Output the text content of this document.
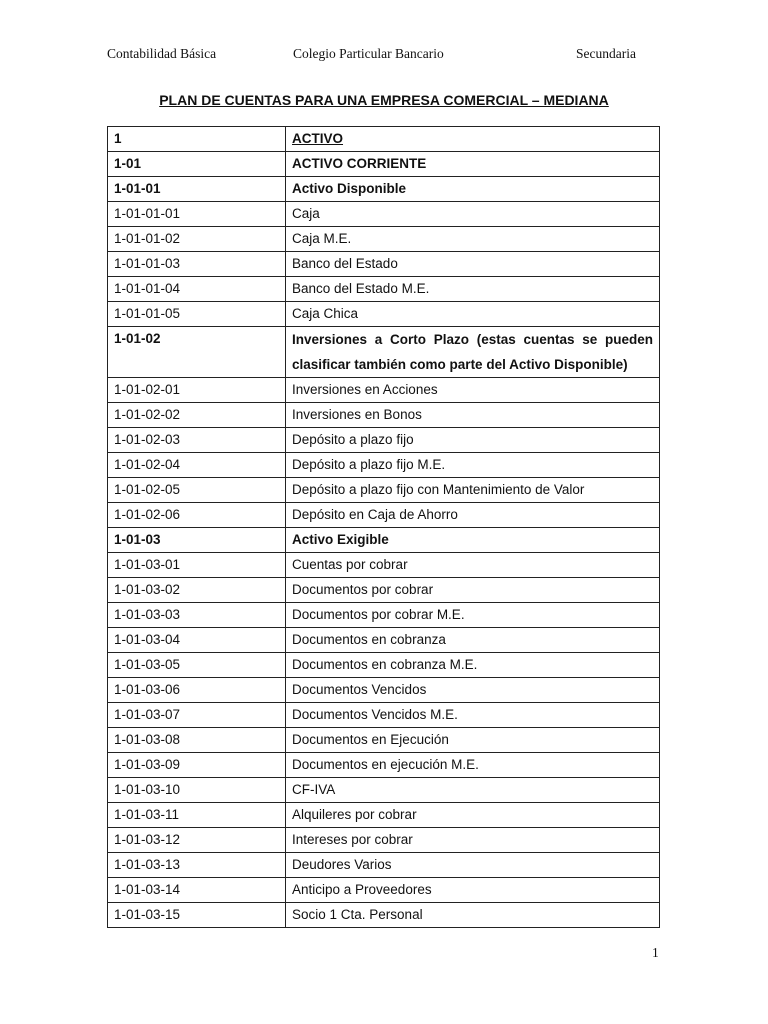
Contabilidad Básica	Colegio Particular Bancario	Secundaria
PLAN DE CUENTAS PARA UNA EMPRESA COMERCIAL – MEDIANA
1	ACTIVO
1-01	ACTIVO CORRIENTE
1-01-01	Activo Disponible
1-01-01-01	Caja
1-01-01-02	Caja M.E.
1-01-01-03	Banco del Estado
1-01-01-04	Banco del Estado M.E.
1-01-01-05	Caja Chica
1-01-02	Inversiones a Corto Plazo (estas cuentas se pueden clasificar también como parte del Activo Disponible)
1-01-02-01	Inversiones en Acciones
1-01-02-02	Inversiones en Bonos
1-01-02-03	Depósito a plazo fijo
1-01-02-04	Depósito a plazo fijo M.E.
1-01-02-05	Depósito a plazo fijo con Mantenimiento de Valor
1-01-02-06	Depósito en Caja de Ahorro
1-01-03	Activo Exigible
1-01-03-01	Cuentas por cobrar
1-01-03-02	Documentos por cobrar
1-01-03-03	Documentos por cobrar M.E.
1-01-03-04	Documentos en cobranza
1-01-03-05	Documentos en cobranza M.E.
1-01-03-06	Documentos Vencidos
1-01-03-07	Documentos Vencidos M.E.
1-01-03-08	Documentos en Ejecución
1-01-03-09	Documentos en ejecución M.E.
1-01-03-10	CF-IVA
1-01-03-11	Alquileres por cobrar
1-01-03-12	Intereses por cobrar
1-01-03-13	Deudores Varios
1-01-03-14	Anticipo a Proveedores
1-01-03-15	Socio 1 Cta. Personal
1
